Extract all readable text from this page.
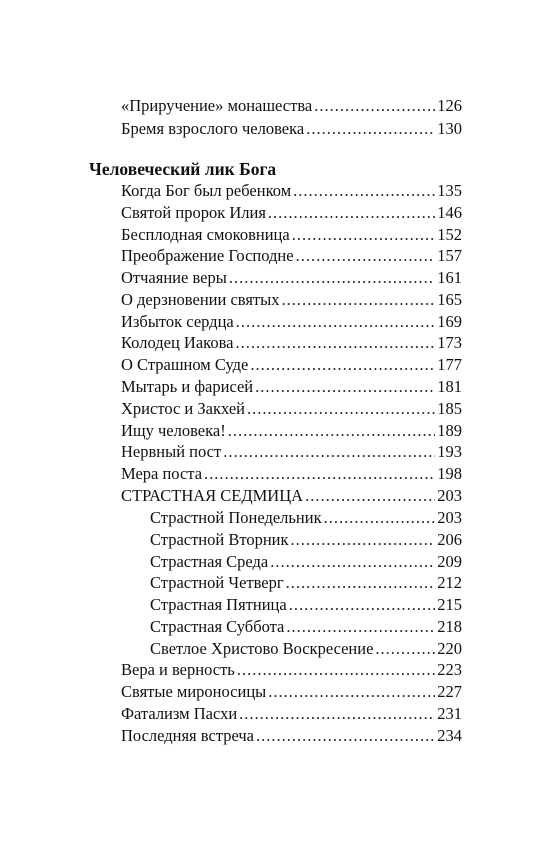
«Приручение» монашества .....	126
Бремя взрослого человека .....	130
Человеческий лик Бога
Когда Бог был ребенком .....	135
Святой пророк Илия .....	146
Бесплодная смоковница .....	152
Преображение Господне .....	157
Отчаяние веры .....	161
О дерзновении святых .....	165
Избыток сердца .....	169
Колодец Иакова .....	173
О Страшном Суде .....	177
Мытарь и фарисей .....	181
Христос и Закхей .....	185
Ищу человека! .....	189
Нервный пост .....	193
Мера поста .....	198
СТРАСТНАЯ СЕДМИЦА .....	203
Страстной Понедельник .....	203
Страстной Вторник .....	206
Страстная Среда .....	209
Страстной Четверг .....	212
Страстная Пятница .....	215
Страстная Суббота .....	218
Светлое Христово Воскресение .....	220
Вера и верность .....	223
Святые мироносицы .....	227
Фатализм Пасхи .....	231
Последняя встреча .....	234
